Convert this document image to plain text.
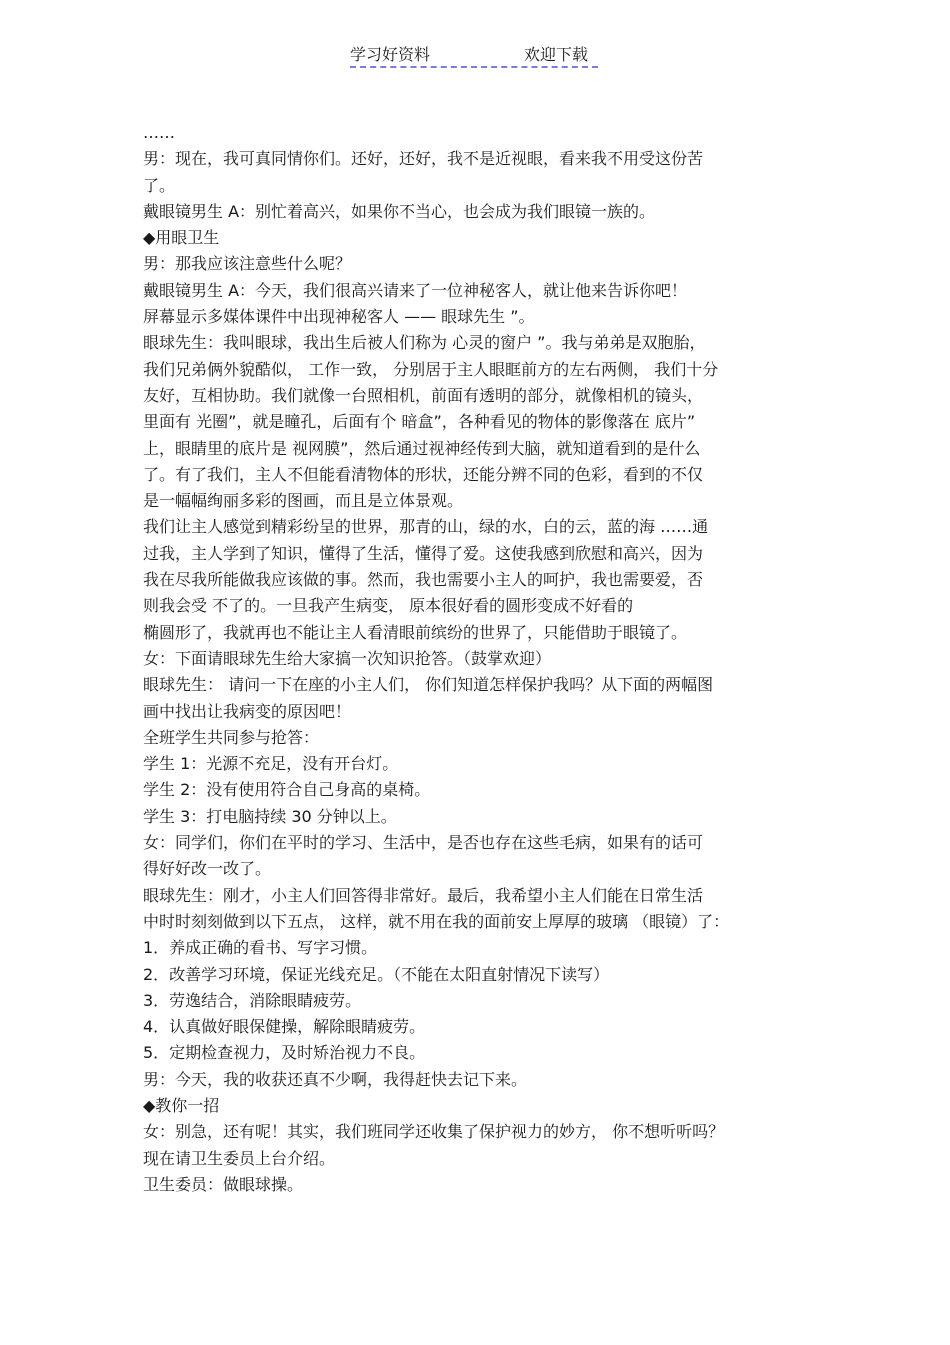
学习好资料	欢迎下载
……
男：现在，我可真同情你们。还好，还好，我不是近视眼，看来我不用受这份苦
了。
戴眼镜男生 A：别忙着高兴，如果你不当心，也会成为我们眼镜一族的。
◆用眼卫生
男：那我应该注意些什么呢？
戴眼镜男生 A：今天，我们很高兴请来了一位神秘客人，就让他来告诉你吧！
屏幕显示多媒体课件中出现神秘客人 —— 眼球先生 ”。
眼球先生：我叫眼球，我出生后被人们称为 心灵的窗户 ”。我与弟弟是双胞胎，
我们兄弟俩外貌酷似， 工作一致， 分别居于主人眼眶前方的左右两侧， 我们十分
友好，互相协助。我们就像一台照相机，前面有透明的部分，就像相机的镜头，
里面有 光圈”，就是瞳孔，后面有个 暗盒”，各种看见的物体的影像落在 底片”
上，眼睛里的底片是 视网膜”，然后通过视神经传到大脑，就知道看到的是什么
了。有了我们，主人不但能看清物体的形状，还能分辨不同的色彩，看到的不仅
是一幅幅绚丽多彩的图画，而且是立体景观。
我们让主人感觉到精彩纷呈的世界，那青的山，绿的水，白的云，蓝的海 ……通
过我，主人学到了知识，懂得了生活，懂得了爱。这使我感到欣慰和高兴，因为
我在尽我所能做我应该做的事。然而，我也需要小主人的呵护，我也需要爱，否
则我会受 不了的。一旦我产生病变， 原本很好看的圆形变成不好看的
椭圆形了，我就再也不能让主人看清眼前缤纷的世界了，只能借助于眼镜了。
女：下面请眼球先生给大家搞一次知识抢答。（鼓掌欢迎）
眼球先生： 请问一下在座的小主人们， 你们知道怎样保护我吗？从下面的两幅图
画中找出让我病变的原因吧！
全班学生共同参与抢答：
学生 1：光源不充足，没有开台灯。
学生 2：没有使用符合自己身高的桌椅。
学生 3：打电脑持续 30 分钟以上。
女：同学们，你们在平时的学习、生活中，是否也存在这些毛病，如果有的话可
得好好改一改了。
眼球先生：刚才，小主人们回答得非常好。最后，我希望小主人们能在日常生活
中时时刻刻做到以下五点， 这样，就不用在我的面前安上厚厚的玻璃 （眼镜）了：
1．养成正确的看书、写字习惯。
2．改善学习环境，保证光线充足。（不能在太阳直射情况下读写）
3．劳逸结合，消除眼睛疲劳。
4．认真做好眼保健操，解除眼睛疲劳。
5．定期检查视力，及时矫治视力不良。
男：今天，我的收获还真不少啊，我得赶快去记下来。
◆教你一招
女：别急，还有呢！其实，我们班同学还收集了保护视力的妙方， 你不想听听吗？
现在请卫生委员上台介绍。
卫生委员：做眼球操。
